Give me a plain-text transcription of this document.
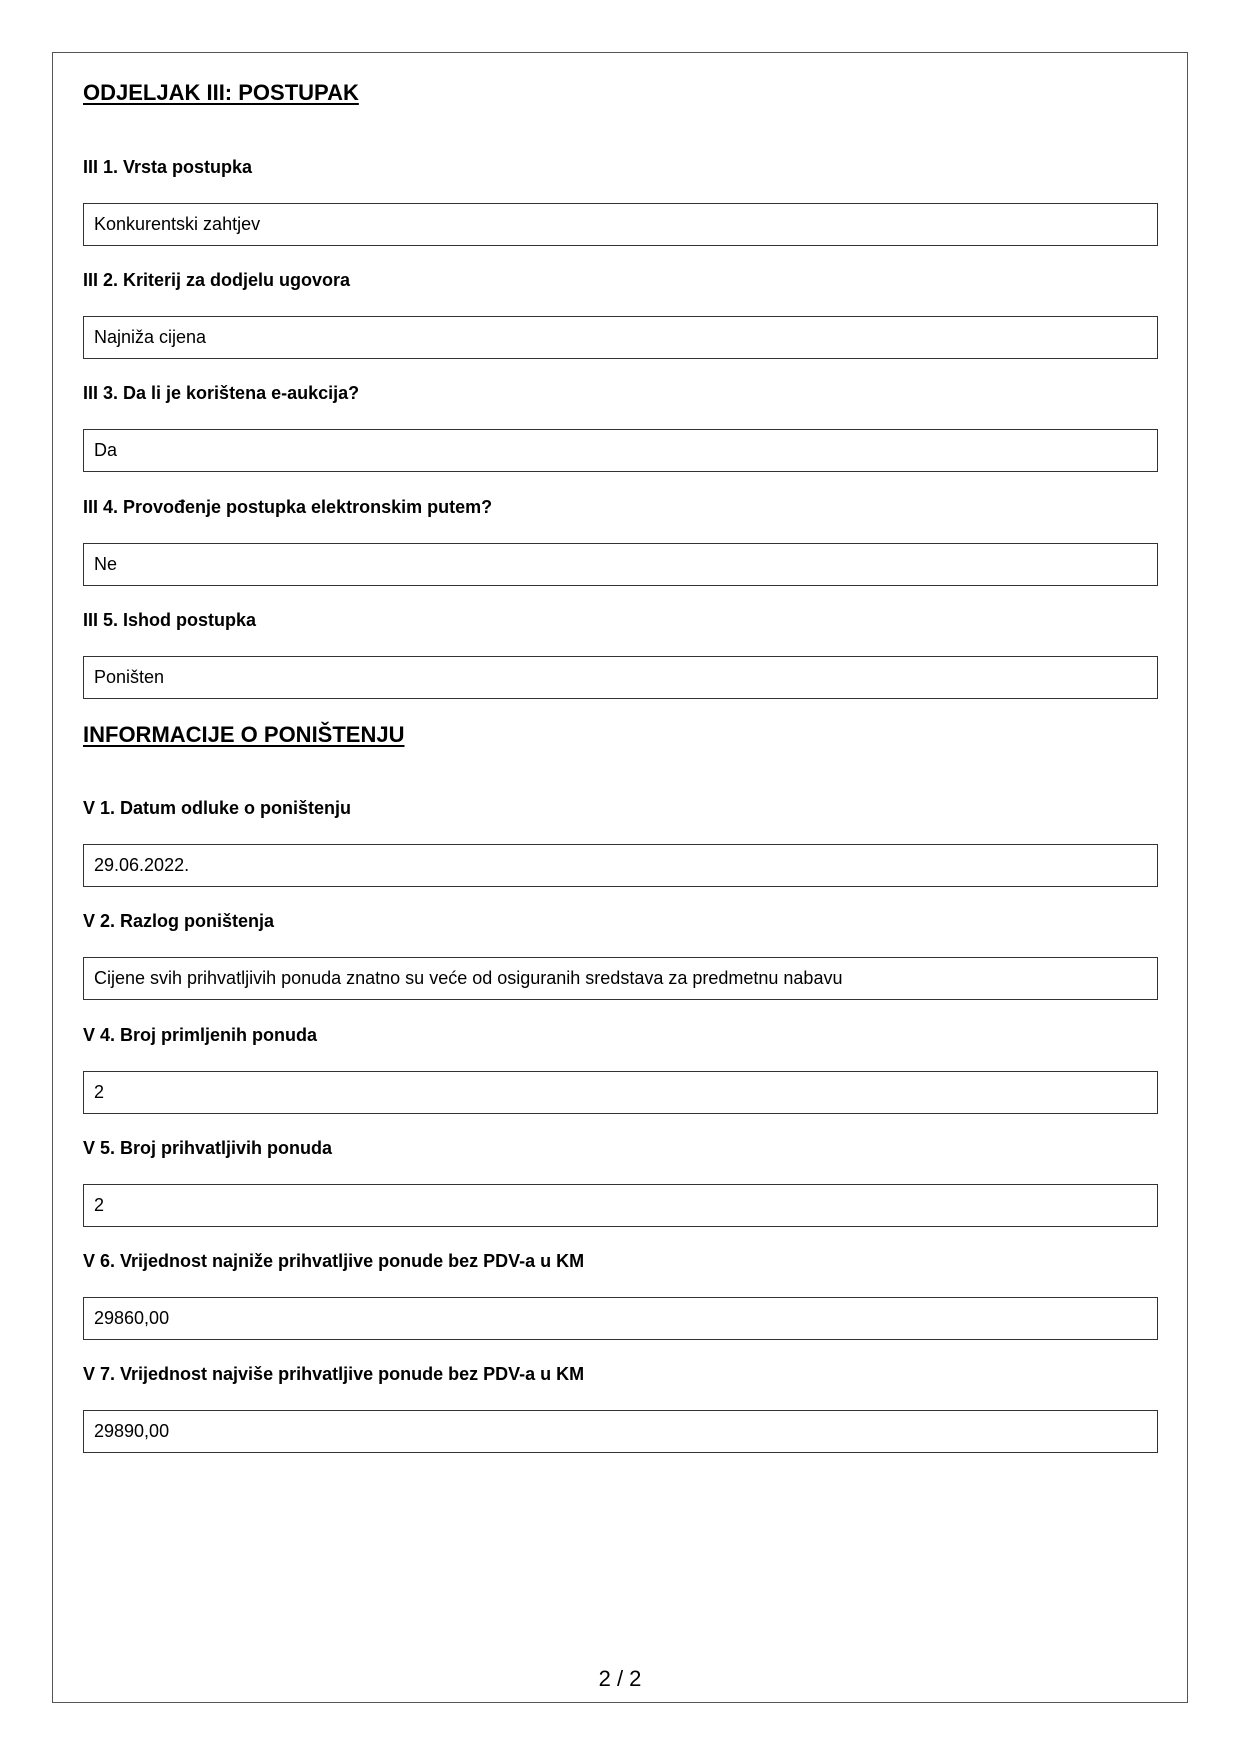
ODJELJAK III: POSTUPAK
III 1. Vrsta postupka
Konkurentski zahtjev
III 2. Kriterij za dodjelu ugovora
Najniža cijena
III 3. Da li je korištena e-aukcija?
Da
III 4. Provođenje postupka elektronskim putem?
Ne
III 5. Ishod postupka
Poništen
INFORMACIJE O PONIŠTENJU
V 1. Datum odluke o poništenju
29.06.2022.
V 2. Razlog poništenja
Cijene svih prihvatljivih ponuda znatno su veće od osiguranih sredstava za predmetnu nabavu
V 4. Broj primljenih ponuda
2
V 5. Broj prihvatljivih ponuda
2
V 6. Vrijednost najniže prihvatljive ponude bez PDV-a u KM
29860,00
V 7. Vrijednost najviše prihvatljive ponude bez PDV-a u KM
29890,00
2 / 2
